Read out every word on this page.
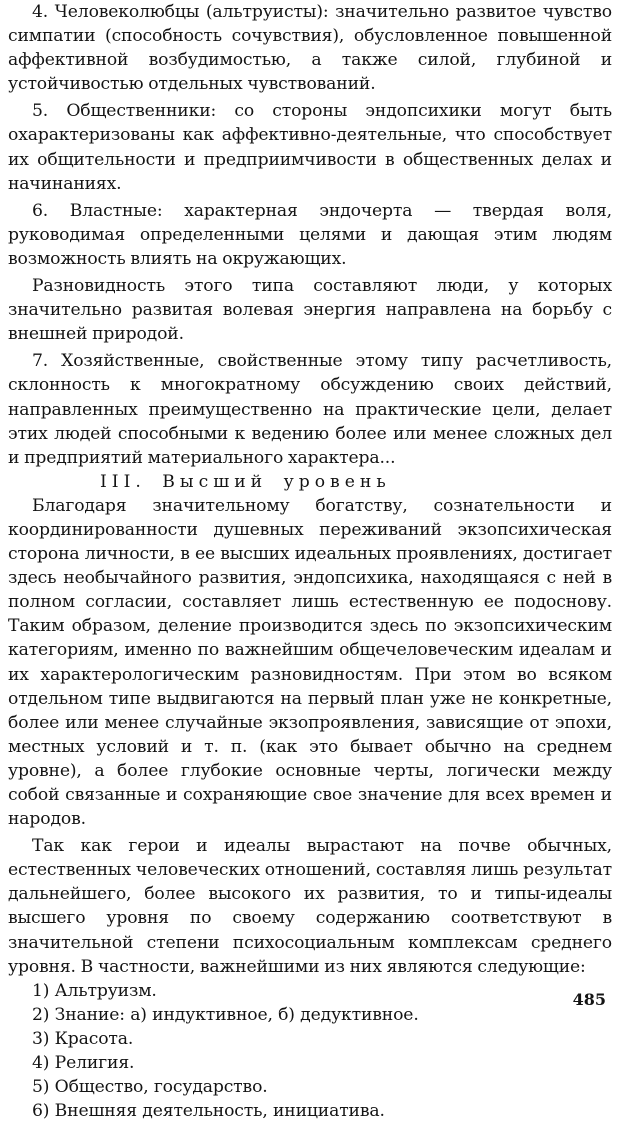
4. Человеколюбцы (альтруисты): значительно развитое чувство симпатии (способность сочувствия), обусловленное повышенной аффективной возбудимостью, а также силой, глубиной и устойчивостью отдельных чувствований.

5. Общественники: со стороны эндопсихики могут быть охарактеризованы как аффективно-деятельные, что способствует их общительности и предприимчивости в общественных делах и начинаниях.

6. Властные: характерная эндочерта — твердая воля, руководимая определенными целями и дающая этим людям возможность влиять на окружающих.

Разновидность этого типа составляют люди, у которых значительно развитая волевая энергия направлена на борьбу с внешней природой.

7. Хозяйственные, свойственные этому типу расчетливость, склонность к многократному обсуждению своих действий, направленных преимущественно на практические цели, делает этих людей способными к ведению более или менее сложных дел и предприятий материального характера...

III. Высший уровень

Благодаря значительному богатству, сознательности и координированности душевных переживаний экзопсихическая сторона личности, в ее высших идеальных проявлениях, достигает здесь необычайного развития, эндопсихика, находящаяся с ней в полном согласии, составляет лишь естественную ее подоснову. Таким образом, деление производится здесь по экзопсихическим категориям, именно по важнейшим общечеловеческим идеалам и их характерологическим разновидностям. При этом во всяком отдельном типе выдвигаются на первый план уже не конкретные, более или менее случайные экзопроявления, зависящие от эпохи, местных условий и т. п. (как это бывает обычно на среднем уровне), а более глубокие основные черты, логически между собой связанные и сохраняющие свое значение для всех времен и народов.

Так как герои и идеалы вырастают на почве обычных, естественных человеческих отношений, составляя лишь результат дальнейшего, более высокого их развития, то и типы-идеалы высшего уровня по своему содержанию соответствуют в значительной степени психосоциальным комплексам среднего уровня. В частности, важнейшими из них являются следующие:

1) Альтруизм.
2) Знание: а) индуктивное, б) дедуктивное.
3) Красота.
4) Религия.
5) Общество, государство.
6) Внешняя деятельность, инициатива.
485
